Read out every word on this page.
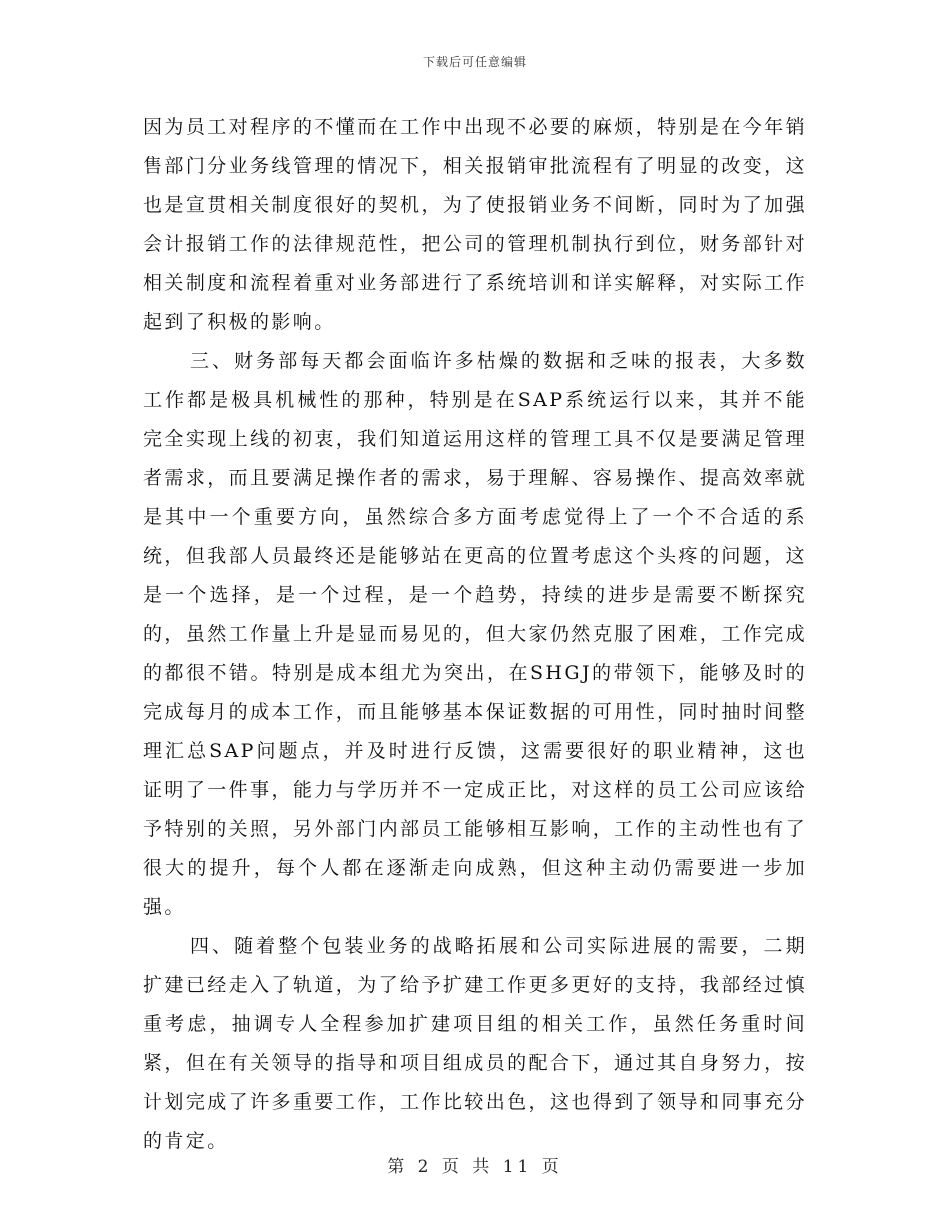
下载后可任意编辑

因为员工对程序的不懂而在工作中出现不必要的麻烦，特别是在今年销售部门分业务线管理的情况下，相关报销审批流程有了明显的改变，这也是宣贯相关制度很好的契机，为了使报销业务不间断，同时为了加强会计报销工作的法律规范性，把公司的管理机制执行到位，财务部针对相关制度和流程着重对业务部进行了系统培训和详实解释，对实际工作起到了积极的影响。

三、财务部每天都会面临许多枯燥的数据和乏味的报表，大多数工作都是极具机械性的那种，特别是在SAP系统运行以来，其并不能完全实现上线的初衷，我们知道运用这样的管理工具不仅是要满足管理者需求，而且要满足操作者的需求，易于理解、容易操作、提高效率就是其中一个重要方向，虽然综合多方面考虑觉得上了一个不合适的系统，但我部人员最终还是能够站在更高的位置考虑这个头疼的问题，这是一个选择，是一个过程，是一个趋势，持续的进步是需要不断探究的，虽然工作量上升是显而易见的，但大家仍然克服了困难，工作完成的都很不错。特别是成本组尤为突出，在SHGJ的带领下，能够及时的完成每月的成本工作，而且能够基本保证数据的可用性，同时抽时间整理汇总SAP问题点，并及时进行反馈，这需要很好的职业精神，这也证明了一件事，能力与学历并不一定成正比，对这样的员工公司应该给予特别的关照，另外部门内部员工能够相互影响，工作的主动性也有了很大的提升，每个人都在逐渐走向成熟，但这种主动仍需要进一步加强。

四、随着整个包装业务的战略拓展和公司实际进展的需要，二期扩建已经走入了轨道，为了给予扩建工作更多更好的支持，我部经过慎重考虑，抽调专人全程参加扩建项目组的相关工作，虽然任务重时间紧，但在有关领导的指导和项目组成员的配合下，通过其自身努力，按计划完成了许多重要工作，工作比较出色，这也得到了领导和同事充分的肯定。

第 2 页 共 11 页
